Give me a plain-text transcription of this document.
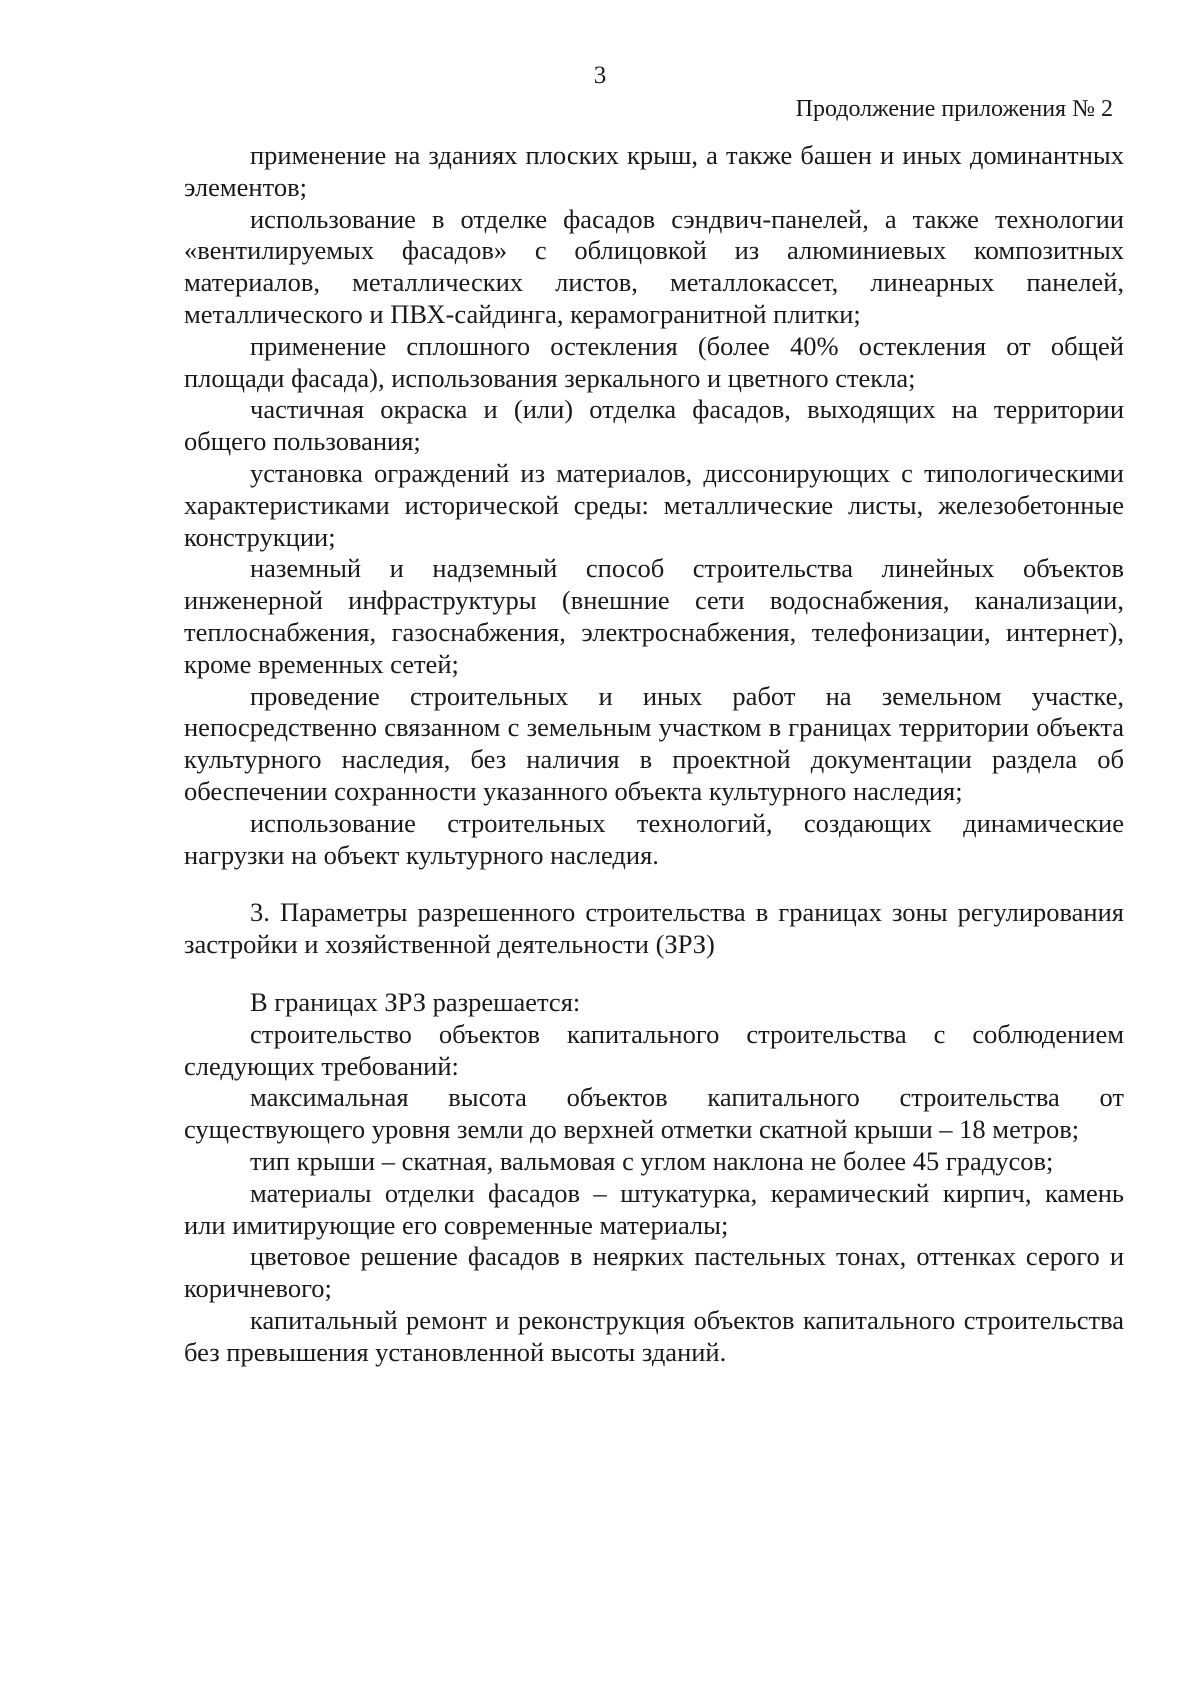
3
Продолжение приложения № 2

применение на зданиях плоских крыш, а также башен и иных доминантных элементов;

использование в отделке фасадов сэндвич-панелей, а также технологии «вентилируемых фасадов» с облицовкой из алюминиевых композитных материалов, металлических листов, металлокассет, линеарных панелей, металлического и ПВХ-сайдинга, керамогранитной плитки;

применение сплошного остекления (более 40% остекления от общей площади фасада), использования зеркального и цветного стекла;

частичная окраска и (или) отделка фасадов, выходящих на территории общего пользования;

установка ограждений из материалов, диссонирующих с типологическими характеристиками исторической среды: металлические листы, железобетонные конструкции;

наземный и надземный способ строительства линейных объектов инженерной инфраструктуры (внешние сети водоснабжения, канализации, теплоснабжения, газоснабжения, электроснабжения, телефонизации, интернет), кроме временных сетей;

проведение строительных и иных работ на земельном участке, непосредственно связанном с земельным участком в границах территории объекта культурного наследия, без наличия в проектной документации раздела об обеспечении сохранности указанного объекта культурного наследия;

использование строительных технологий, создающих динамические нагрузки на объект культурного наследия.

3. Параметры разрешенного строительства в границах зоны регулирования застройки и хозяйственной деятельности (ЗРЗ)

В границах ЗРЗ разрешается:

строительство объектов капитального строительства с соблюдением следующих требований:

максимальная высота объектов капитального строительства от существующего уровня земли до верхней отметки скатной крыши – 18 метров;

тип крыши – скатная, вальмовая с углом наклона не более 45 градусов;

материалы отделки фасадов – штукатурка, керамический кирпич, камень или имитирующие его современные материалы;

цветовое решение фасадов в неярких пастельных тонах, оттенках серого и коричневого;

капитальный ремонт и реконструкция объектов капитального строительства без превышения установленной высоты зданий.
